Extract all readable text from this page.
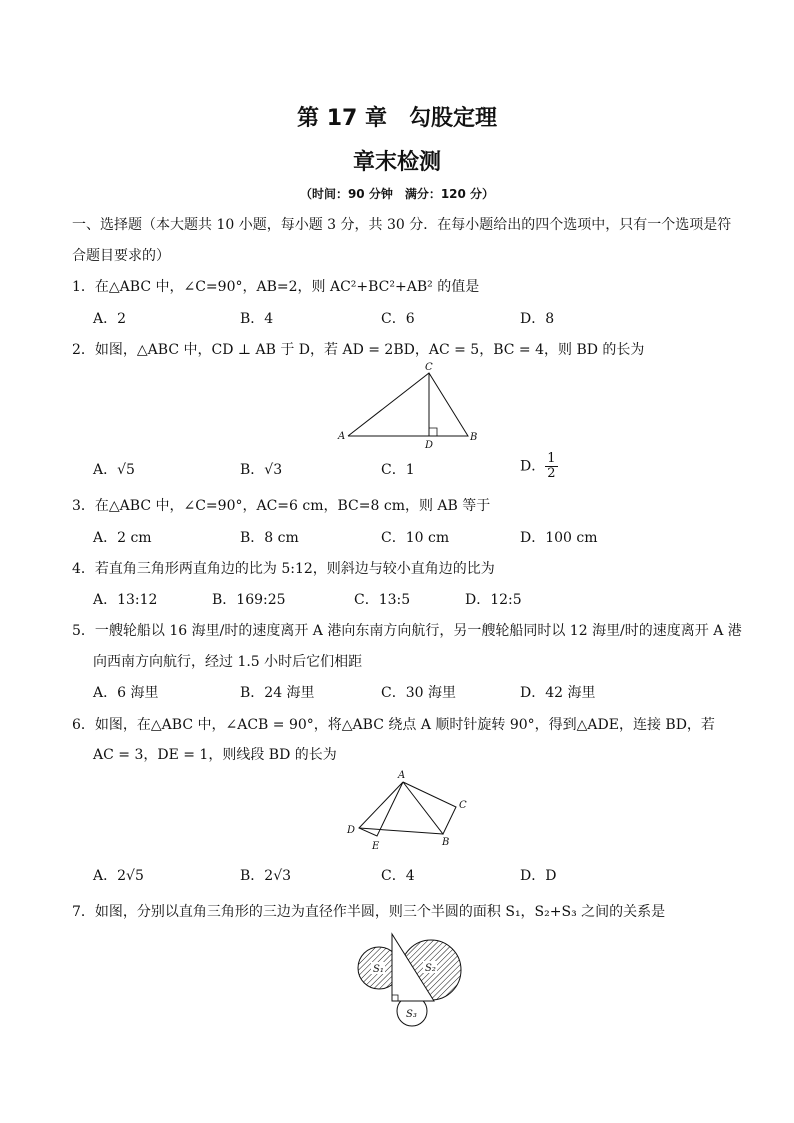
第 17 章　勾股定理
章末检测
（时间：90 分钟　满分：120 分）
一、选择题（本大题共 10 小题，每小题 3 分，共 30 分．在每小题给出的四个选项中，只有一个选项是符
合题目要求的）
1．在△ABC 中，∠C=90°，AB=2，则 AC²+BC²+AB² 的值是
A．2	B．4	C．6	D．8
2．如图，△ABC 中，CD ⊥ AB 于 D，若 AD = 2BD，AC = 5，BC = 4，则 BD 的长为
A	B
C
D
A．√5	B．√3	C．1	D． $\frac{1}{2}$
3．在△ABC 中，∠C=90°，AC=6 cm，BC=8 cm，则 AB 等于
A．2 cm	B．8 cm	C．10 cm	D．100 cm
4．若直角三角形两直角边的比为 5:12，则斜边与较小直角边的比为
A．13:12	B．169:25	C．13:5	D．12:5
5．一艘轮船以 16 海里/时的速度离开 A 港向东南方向航行，另一艘轮船同时以 12 海里/时的速度离开 A 港
向西南方向航行，经过 1.5 小时后它们相距
A．6 海里	B．24 海里	C．30 海里	D．42 海里
6．如图，在△ABC 中，∠ACB = 90°，将△ABC 绕点 A 顺时针旋转 90°，得到△ADE，连接 BD，若
AC = 3，DE = 1，则线段 BD 的长为
A
B
C
D
E
A．2√5	B．2√3	C．4	D．D
7．如图，分别以直角三角形的三边为直径作半圆，则三个半圆的面积 S₁，S₂+S₃ 之间的关系是
S₁	S₂
S₃
